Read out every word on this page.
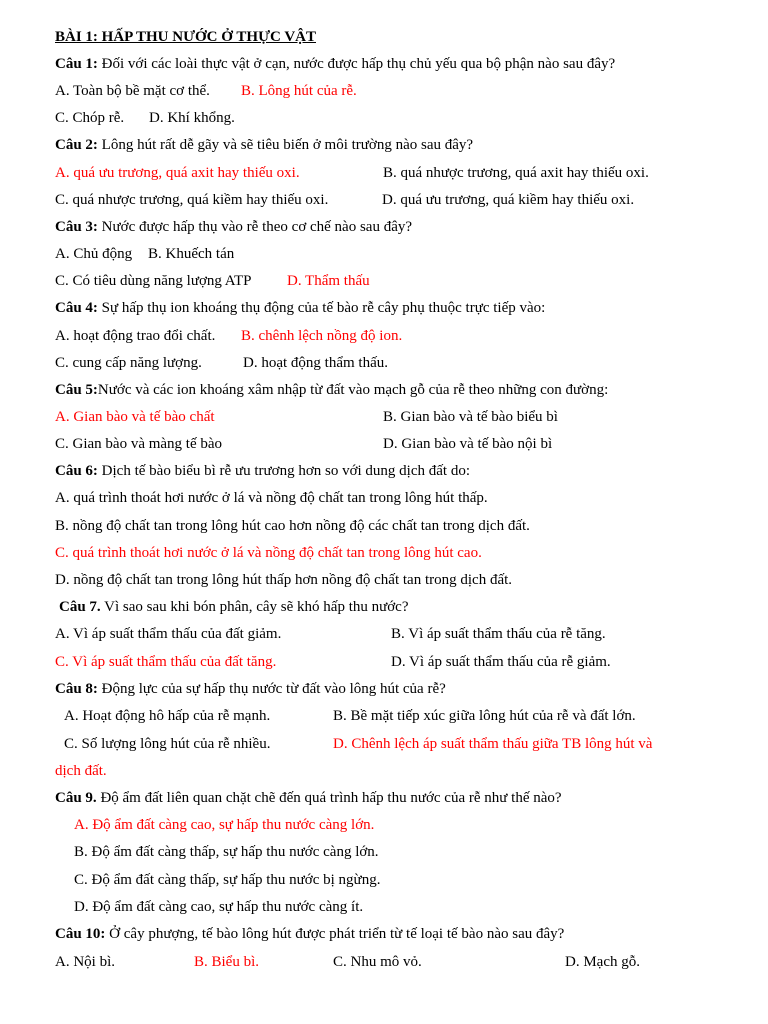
BÀI 1: HẤP THU NƯỚC Ở THỰC VẬT
Câu 1: Đối với các loài thực vật ở cạn, nước được hấp thụ chủ yếu qua bộ phận nào sau đây?
A. Toàn bộ bề mặt cơ thể. B. Lông hút của rễ.
C. Chóp rễ. D. Khí khổng.
Câu 2: Lông hút rất dễ gãy và sẽ tiêu biến ở môi trường nào sau đây?
A. quá ưu trương, quá axit hay thiếu oxi.	B. quá nhược trương, quá axit hay thiếu oxi.
C. quá nhược trương, quá kiềm hay thiếu oxi.	D. quá ưu trương, quá kiềm hay thiếu oxi.
Câu 3: Nước được hấp thụ vào rễ theo cơ chế nào sau đây?
A. Chủ động B. Khuếch tán
C. Có tiêu dùng năng lượng ATP D. Thẩm thấu
Câu 4: Sự hấp thụ ion khoáng thụ động của tế bào rễ cây phụ thuộc trực tiếp vào:
A. hoạt động trao đổi chất. B. chênh lệch nồng độ ion.
C. cung cấp năng lượng.	D. hoạt động thẩm thấu.
Câu 5:Nước và các ion khoáng xâm nhập từ đất vào mạch gỗ của rễ theo những con đường:
A. Gian bào và tế bào chất	B. Gian bào và tế bào biểu bì
C. Gian bào và màng tế bào	D. Gian bào và tế bào nội bì
Câu 6: Dịch tế bào biểu bì rễ ưu trương hơn so với dung dịch đất do:
A. quá trình thoát hơi nước ở lá và nồng độ chất tan trong lông hút thấp.
B. nồng độ chất tan trong lông hút cao hơn nồng độ các chất tan trong dịch đất.
C. quá trình thoát hơi nước ở lá và nồng độ chất tan trong lông hút cao.
D. nồng độ chất tan trong lông hút thấp hơn nồng độ chất tan trong dịch đất.
Câu 7. Vì sao sau khi bón phân, cây sẽ khó hấp thu nước?
A. Vì áp suất thẩm thấu của đất giảm.	B. Vì áp suất thẩm thấu của rễ tăng.
C. Vì áp suất thẩm thấu của đất tăng.	D. Vì áp suất thẩm thấu của rễ giảm.
Câu 8: Động lực của sự hấp thụ nước từ đất vào lông hút của rễ?
A. Hoạt động hô hấp của rễ mạnh.	B. Bề mặt tiếp xúc giữa lông hút của rễ và đất lớn.
C. Số lượng lông hút của rễ nhiều.	D. Chênh lệch áp suất thẩm thấu giữa TB lông hút và
dịch đất.
Câu 9. Độ ẩm đất liên quan chặt chẽ đến quá trình hấp thu nước của rễ như thế nào?
A. Độ ẩm đất càng cao, sự hấp thu nước càng lớn.
B. Độ ẩm đất càng thấp, sự hấp thu nước càng lớn.
C. Độ ẩm đất càng thấp, sự hấp thu nước bị ngừng.
D. Độ ẩm đất càng cao, sự hấp thu nước càng ít.
Câu 10: Ở cây phượng, tế bào lông hút được phát triển từ tế loại tế bào nào sau đây?
A. Nội bì.	B. Biểu bì.	C. Nhu mô vỏ.	D. Mạch gỗ.
